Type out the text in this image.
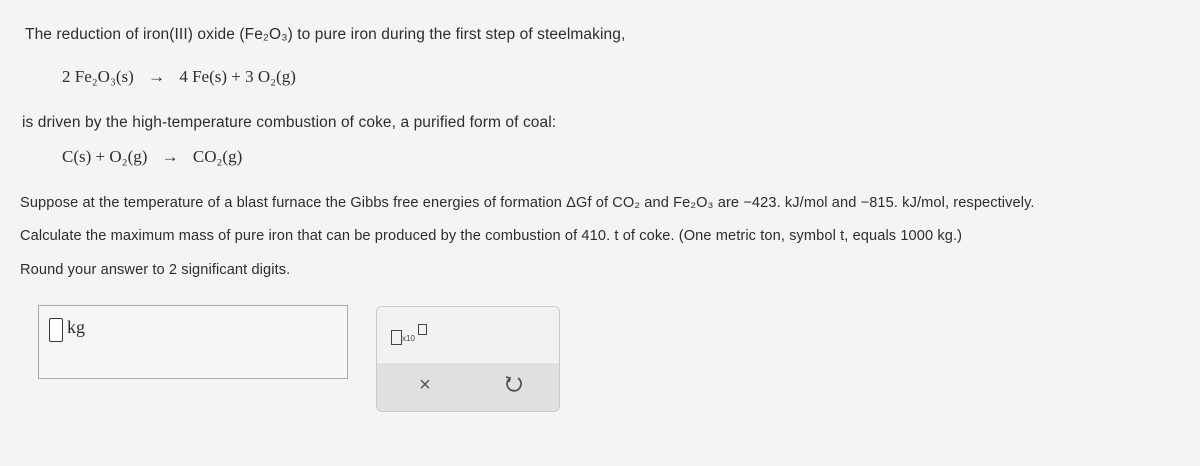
The reduction of iron(III) oxide (Fe₂O₃) to pure iron during the first step of steelmaking,
2 Fe₂O₃(s) → 4 Fe(s) + 3 O₂(g)
is driven by the high-temperature combustion of coke, a purified form of coal:
C(s) + O₂(g) → CO₂(g)
Suppose at the temperature of a blast furnace the Gibbs free energies of formation ΔGf of CO₂ and Fe₂O₃ are −423. kJ/mol and −815. kJ/mol, respectively.
Calculate the maximum mass of pure iron that can be produced by the combustion of 410. t of coke. (One metric ton, symbol t, equals 1000 kg.)
Round your answer to 2 significant digits.
kg
x10
×
